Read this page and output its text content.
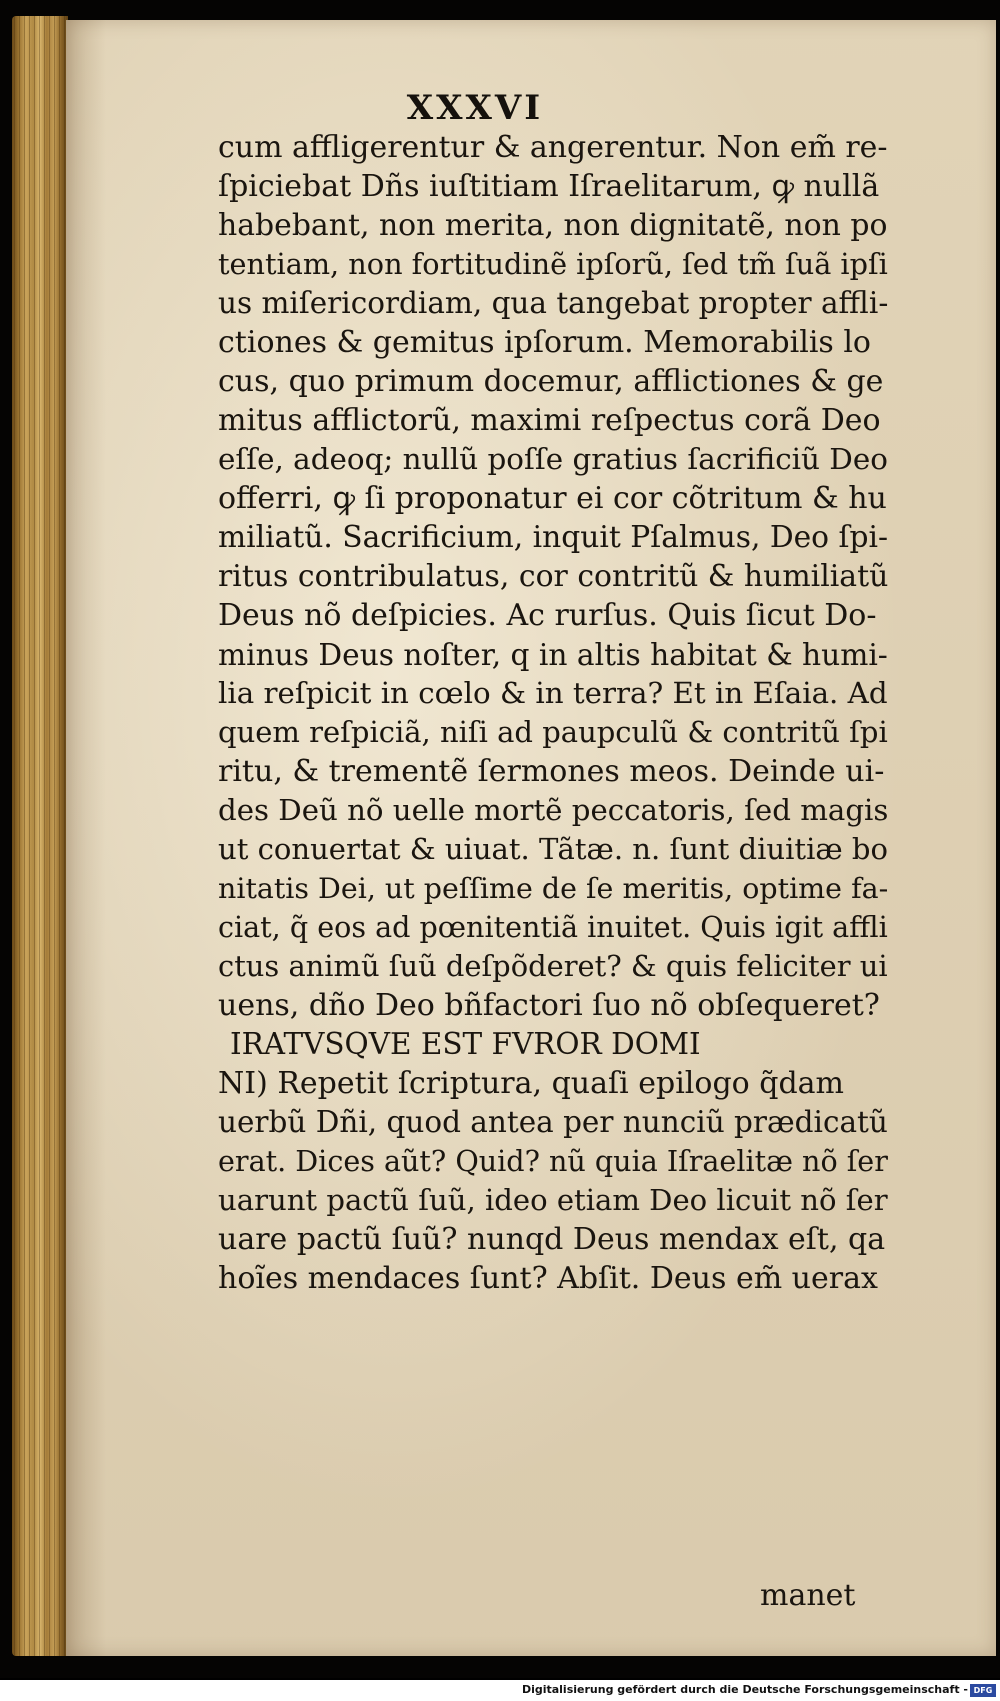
XXXVI
cum affligerentur & angerentur. Non em̃ re-
ſpiciebat Dñs iuſtitiam Iſraelitarum, ꝙ nullã
habebant, non merita, non dignitatẽ, non po
tentiam, non fortitudinẽ ipſorũ, ſed tm̃ ſuã ipſi
us miſericordiam, qua tangebat propter affli-
ctiones & gemitus ipſorum. Memorabilis lo
cus, quo primum docemur, afflictiones & ge
mitus afflictorũ, maximi reſpectus corã Deo
eſſe, adeoq; nullũ poſſe gratius ſacrificiũ Deo
offerri, ꝙ ſi proponatur ei cor cõtritum & hu
miliatũ. Sacrificium, inquit Pſalmus, Deo ſpi-
ritus contribulatus, cor contritũ & humiliatũ
Deus nõ deſpicies. Ac rurſus. Quis ſicut Do-
minus Deus noſter, q in altis habitat & humi-
lia reſpicit in cœlo & in terra? Et in Eſaia. Ad
quem reſpiciã, niſi ad paupculũ & contritũ ſpi
ritu, & trementẽ ſermones meos. Deinde ui-
des Deũ nõ uelle mortẽ peccatoris, ſed magis
ut conuertat & uiuat. Tãtæ. n. ſunt diuitiæ bo
nitatis Dei, ut peſſime de ſe meritis, optime fa-
ciat, q̃ eos ad pœnitentiã inuitet. Quis igit affli
ctus animũ ſuũ deſpõderet? & quis feliciter ui
uens, dño Deo bñfactori ſuo nõ obſequeret?
IRATVSQVE EST FVROR DOMI
NI) Repetit ſcriptura, quaſi epilogo q̃dam
uerbũ Dñi, quod antea per nunciũ prædicatũ
erat. Dices aũt? Quid? nũ quia Iſraelitæ nõ ſer
uarunt pactũ ſuũ, ideo etiam Deo licuit nõ ſer
uare pactũ ſuũ? nunqd Deus mendax eſt, qa
hoĩes mendaces ſunt? Abſit. Deus em̃ uerax
manet
Digitalisierung gefördert durch die Deutsche Forschungsgemeinschaft - DFG
